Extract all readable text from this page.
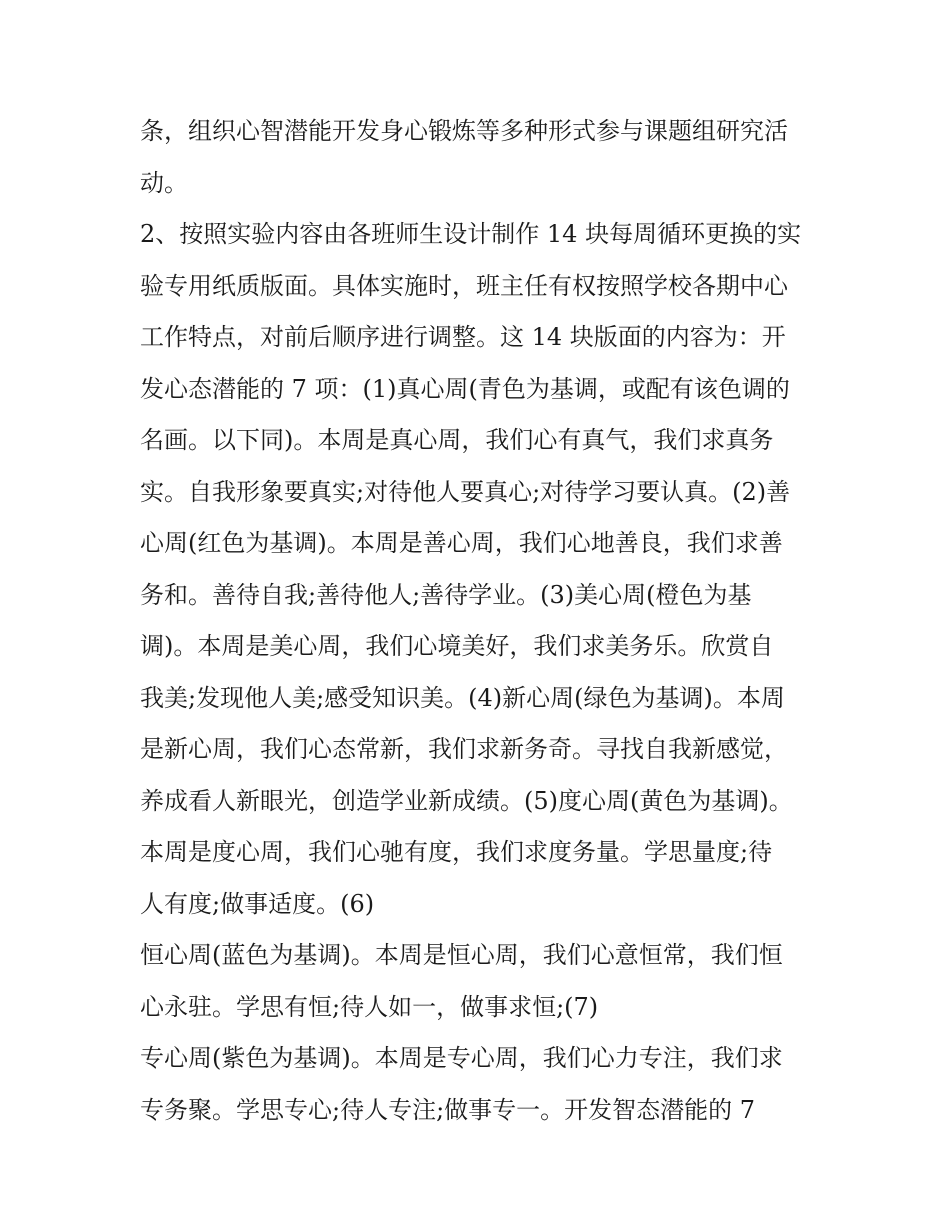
条，组织心智潜能开发身心锻炼等多种形式参与课题组研究活
动。
2、按照实验内容由各班师生设计制作 14 块每周循环更换的实
验专用纸质版面。具体实施时，班主任有权按照学校各期中心
工作特点，对前后顺序进行调整。这 14 块版面的内容为：开
发心态潜能的 7 项：(1)真心周(青色为基调，或配有该色调的
名画。以下同)。本周是真心周，我们心有真气，我们求真务
实。自我形象要真实;对待他人要真心;对待学习要认真。(2)善
心周(红色为基调)。本周是善心周，我们心地善良，我们求善
务和。善待自我;善待他人;善待学业。(3)美心周(橙色为基
调)。本周是美心周，我们心境美好，我们求美务乐。欣赏自
我美;发现他人美;感受知识美。(4)新心周(绿色为基调)。本周
是新心周，我们心态常新，我们求新务奇。寻找自我新感觉，
养成看人新眼光，创造学业新成绩。(5)度心周(黄色为基调)。
本周是度心周，我们心驰有度，我们求度务量。学思量度;待
人有度;做事适度。(6)
恒心周(蓝色为基调)。本周是恒心周，我们心意恒常，我们恒
心永驻。学思有恒;待人如一，做事求恒;(7)
专心周(紫色为基调)。本周是专心周，我们心力专注，我们求
专务聚。学思专心;待人专注;做事专一。开发智态潜能的 7
